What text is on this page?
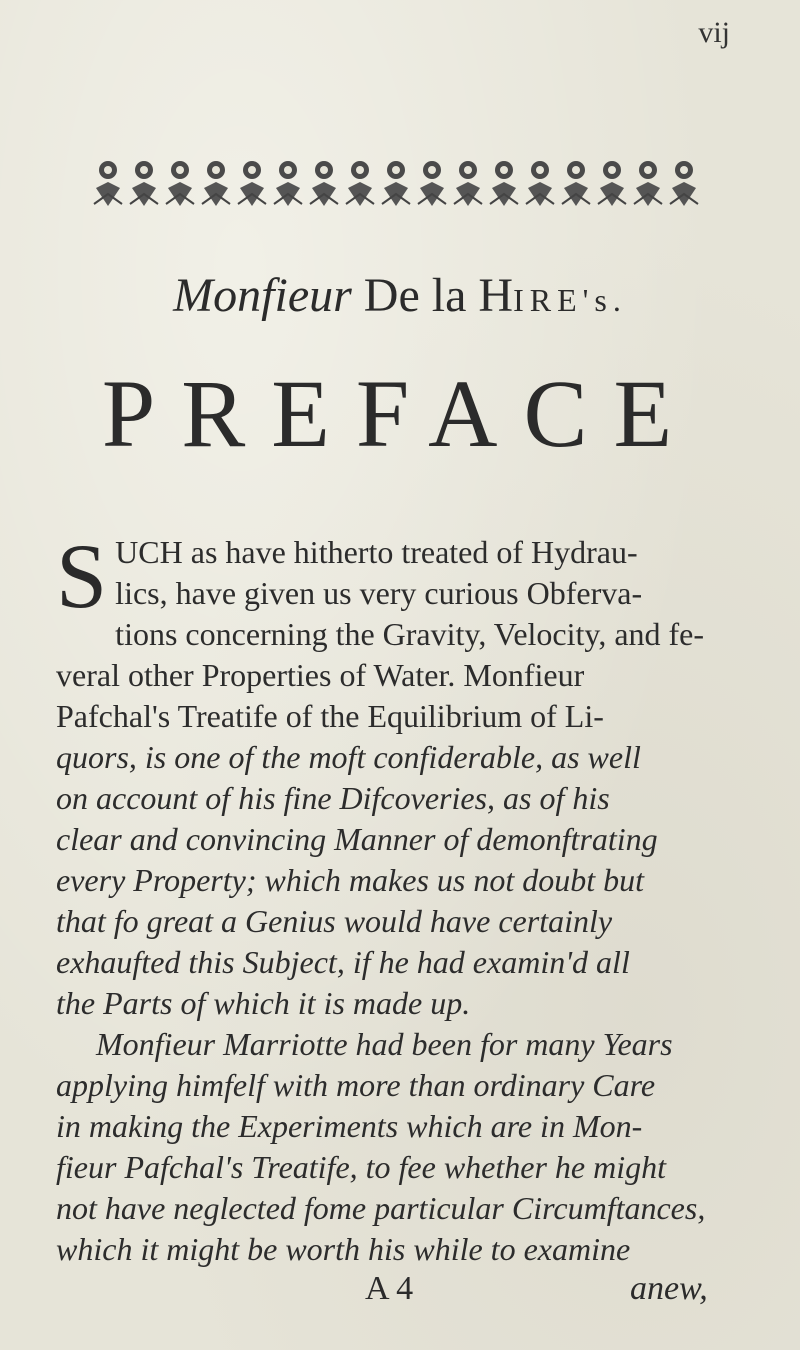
vij
Monfieur De la HIRE's.
PREFACE
S UCH as have hitherto treated of Hydrau-
lics, have given us very curious Obferva-
tions concerning the Gravity, Velocity, and fe-
veral other Properties of Water. Monfieur
Pafchal's Treatife of the Equilibrium of Li-
quors, is one of the moft confiderable, as well
on account of his fine Difcoveries, as of his
clear and convincing Manner of demonftrating
every Property; which makes us not doubt but
that fo great a Genius would have certainly
exhaufted this Subject, if he had examin'd all
the Parts of which it is made up.
Monfieur Marriotte had been for many Years
applying himfelf with more than ordinary Care
in making the Experiments which are in Mon-
fieur Pafchal's Treatife, to fee whether he might
not have neglected fome particular Circumftances,
which it might be worth his while to examine
A 4	anew,
